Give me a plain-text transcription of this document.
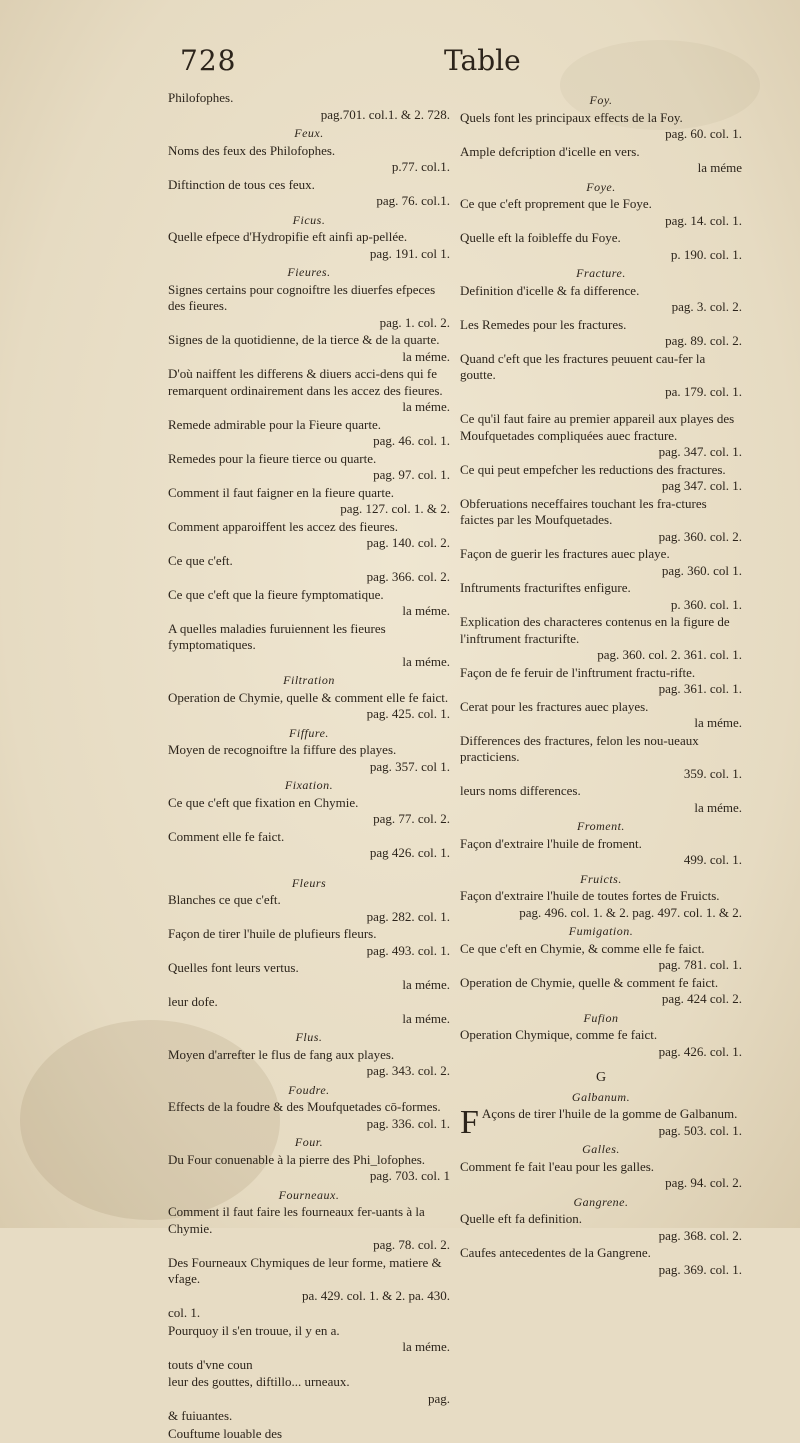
728	Table
Philofophes.
pag.701. col.1. & 2. 728.
Feux.
Noms des feux des Philofophes.
p.77. col.1.
Diftinction de tous ces feux.
pag. 76. col.1.
Ficus.
Quelle efpece d'Hydropifie eft ainfi ap-pellée.
pag. 191. col 1.
Fieures.
Signes certains pour cognoiftre les diuerfes efpeces des fieures.
pag. 1. col. 2.
Signes de la quotidienne, de la tierce & de la quarte.
la méme.
D'où naiffent les differens & diuers acci-dens qui fe remarquent ordinairement dans les accez des fieures.
la méme.
Remede admirable pour la Fieure quarte.
pag. 46. col. 1.
Remedes pour la fieure tierce ou quarte.
pag. 97. col. 1.
Comment il faut faigner en la fieure quarte.
pag. 127. col. 1. & 2.
Comment apparoiffent les accez des fieures.
pag. 140. col. 2.
Ce que c'eft.
pag. 366. col. 2.
Ce que c'eft que la fieure fymptomatique.
la méme.
A quelles maladies furuiennent les fieures fymptomatiques.
la méme.
Filtration
Operation de Chymie, quelle & comment elle fe faict.
pag. 425. col. 1.
Fiffure.
Moyen de recognoiftre la fiffure des playes.
pag. 357. col 1.
Fixation.
Ce que c'eft que fixation en Chymie.
pag. 77. col. 2.
Comment elle fe faict.
pag 426. col. 1.
Fleurs
Blanches ce que c'eft.
pag. 282. col. 1.
Façon de tirer l'huile de plufieurs fleurs.
pag. 493. col. 1.
Quelles font leurs vertus.
la méme.
leur dofe.
la méme.
Flus.
Moyen d'arrefter le flus de fang aux playes.
pag. 343. col. 2.
Foudre.
Effects de la foudre & des Moufquetades cō-formes.
pag. 336. col. 1.
Four.
Du Four conuenable à la pierre des Phi_lofophes.
pag. 703. col. 1
Fourneaux.
Comment il faut faire les fourneaux fer-uants à la Chymie.
pag. 78. col. 2.
Des Fourneaux Chymiques de leur forme, matiere & vfage.
pa. 429. col. 1. & 2. pa. 430.
col. 1.
Pourquoy il s'en trouue, il y en a.
la méme.
touts d'vne coun
leur des gouttes, diftillo... urneaux.
pag.
& fuiuantes.
Couftume louable des
Foy.
Quels font les principaux effects de la Foy.
pag. 60. col. 1.
Ample defcription d'icelle en vers.
la méme
Foye.
Ce que c'eft proprement que le Foye.
pag. 14. col. 1.
Quelle eft la foibleffe du Foye.
p. 190. col. 1.
Fracture.
Definition d'icelle & fa difference.
pag. 3. col. 2.
Les Remedes pour les fractures.
pag. 89. col. 2.
Quand c'eft que les fractures peuuent cau-fer la goutte.
pa. 179. col. 1.
Ce qu'il faut faire au premier appareil aux playes des Moufquetades compliquées auec fracture.
pag. 347. col. 1.
Ce qui peut empefcher les reductions des fractures.
pag 347. col. 1.
Obferuations neceffaires touchant les fra-ctures faictes par les Moufquetades.
pag. 360. col. 2.
Façon de guerir les fractures auec playe.
pag. 360. col 1.
Inftruments fracturiftes enfigure.
p. 360. col. 1.
Explication des characteres contenus en la figure de l'inftrument fracturifte.
pag. 360. col. 2. 361. col. 1.
Façon de fe feruir de l'inftrument fractu-rifte.
pag. 361. col. 1.
Cerat pour les fractures auec playes.
la méme.
Differences des fractures, felon les nou-ueaux practiciens.
359. col. 1.
leurs noms differences.
la méme.
Froment.
Façon d'extraire l'huile de froment.
499. col. 1.
Fruicts.
Façon d'extraire l'huile de toutes fortes de Fruicts.
pag. 496. col. 1. & 2. pag. 497. col. 1. & 2.
Fumigation.
Ce que c'eft en Chymie, & comme elle fe faict.
pag. 781. col. 1.
Operation de Chymie, quelle & comment fe faict.
pag. 424 col. 2.
Fufion
Operation Chymique, comme fe faict.
pag. 426. col. 1.
G
Galbanum.
F Açons de tirer l'huile de la gomme de Galbanum.
pag. 503. col. 1.
Galles.
Comment fe fait l'eau pour les galles.
pag. 94. col. 2.
Gangrene.
Quelle eft fa definition.
pag. 368. col. 2.
Caufes antecedentes de la Gangrene.
pag. 369. col. 1.
